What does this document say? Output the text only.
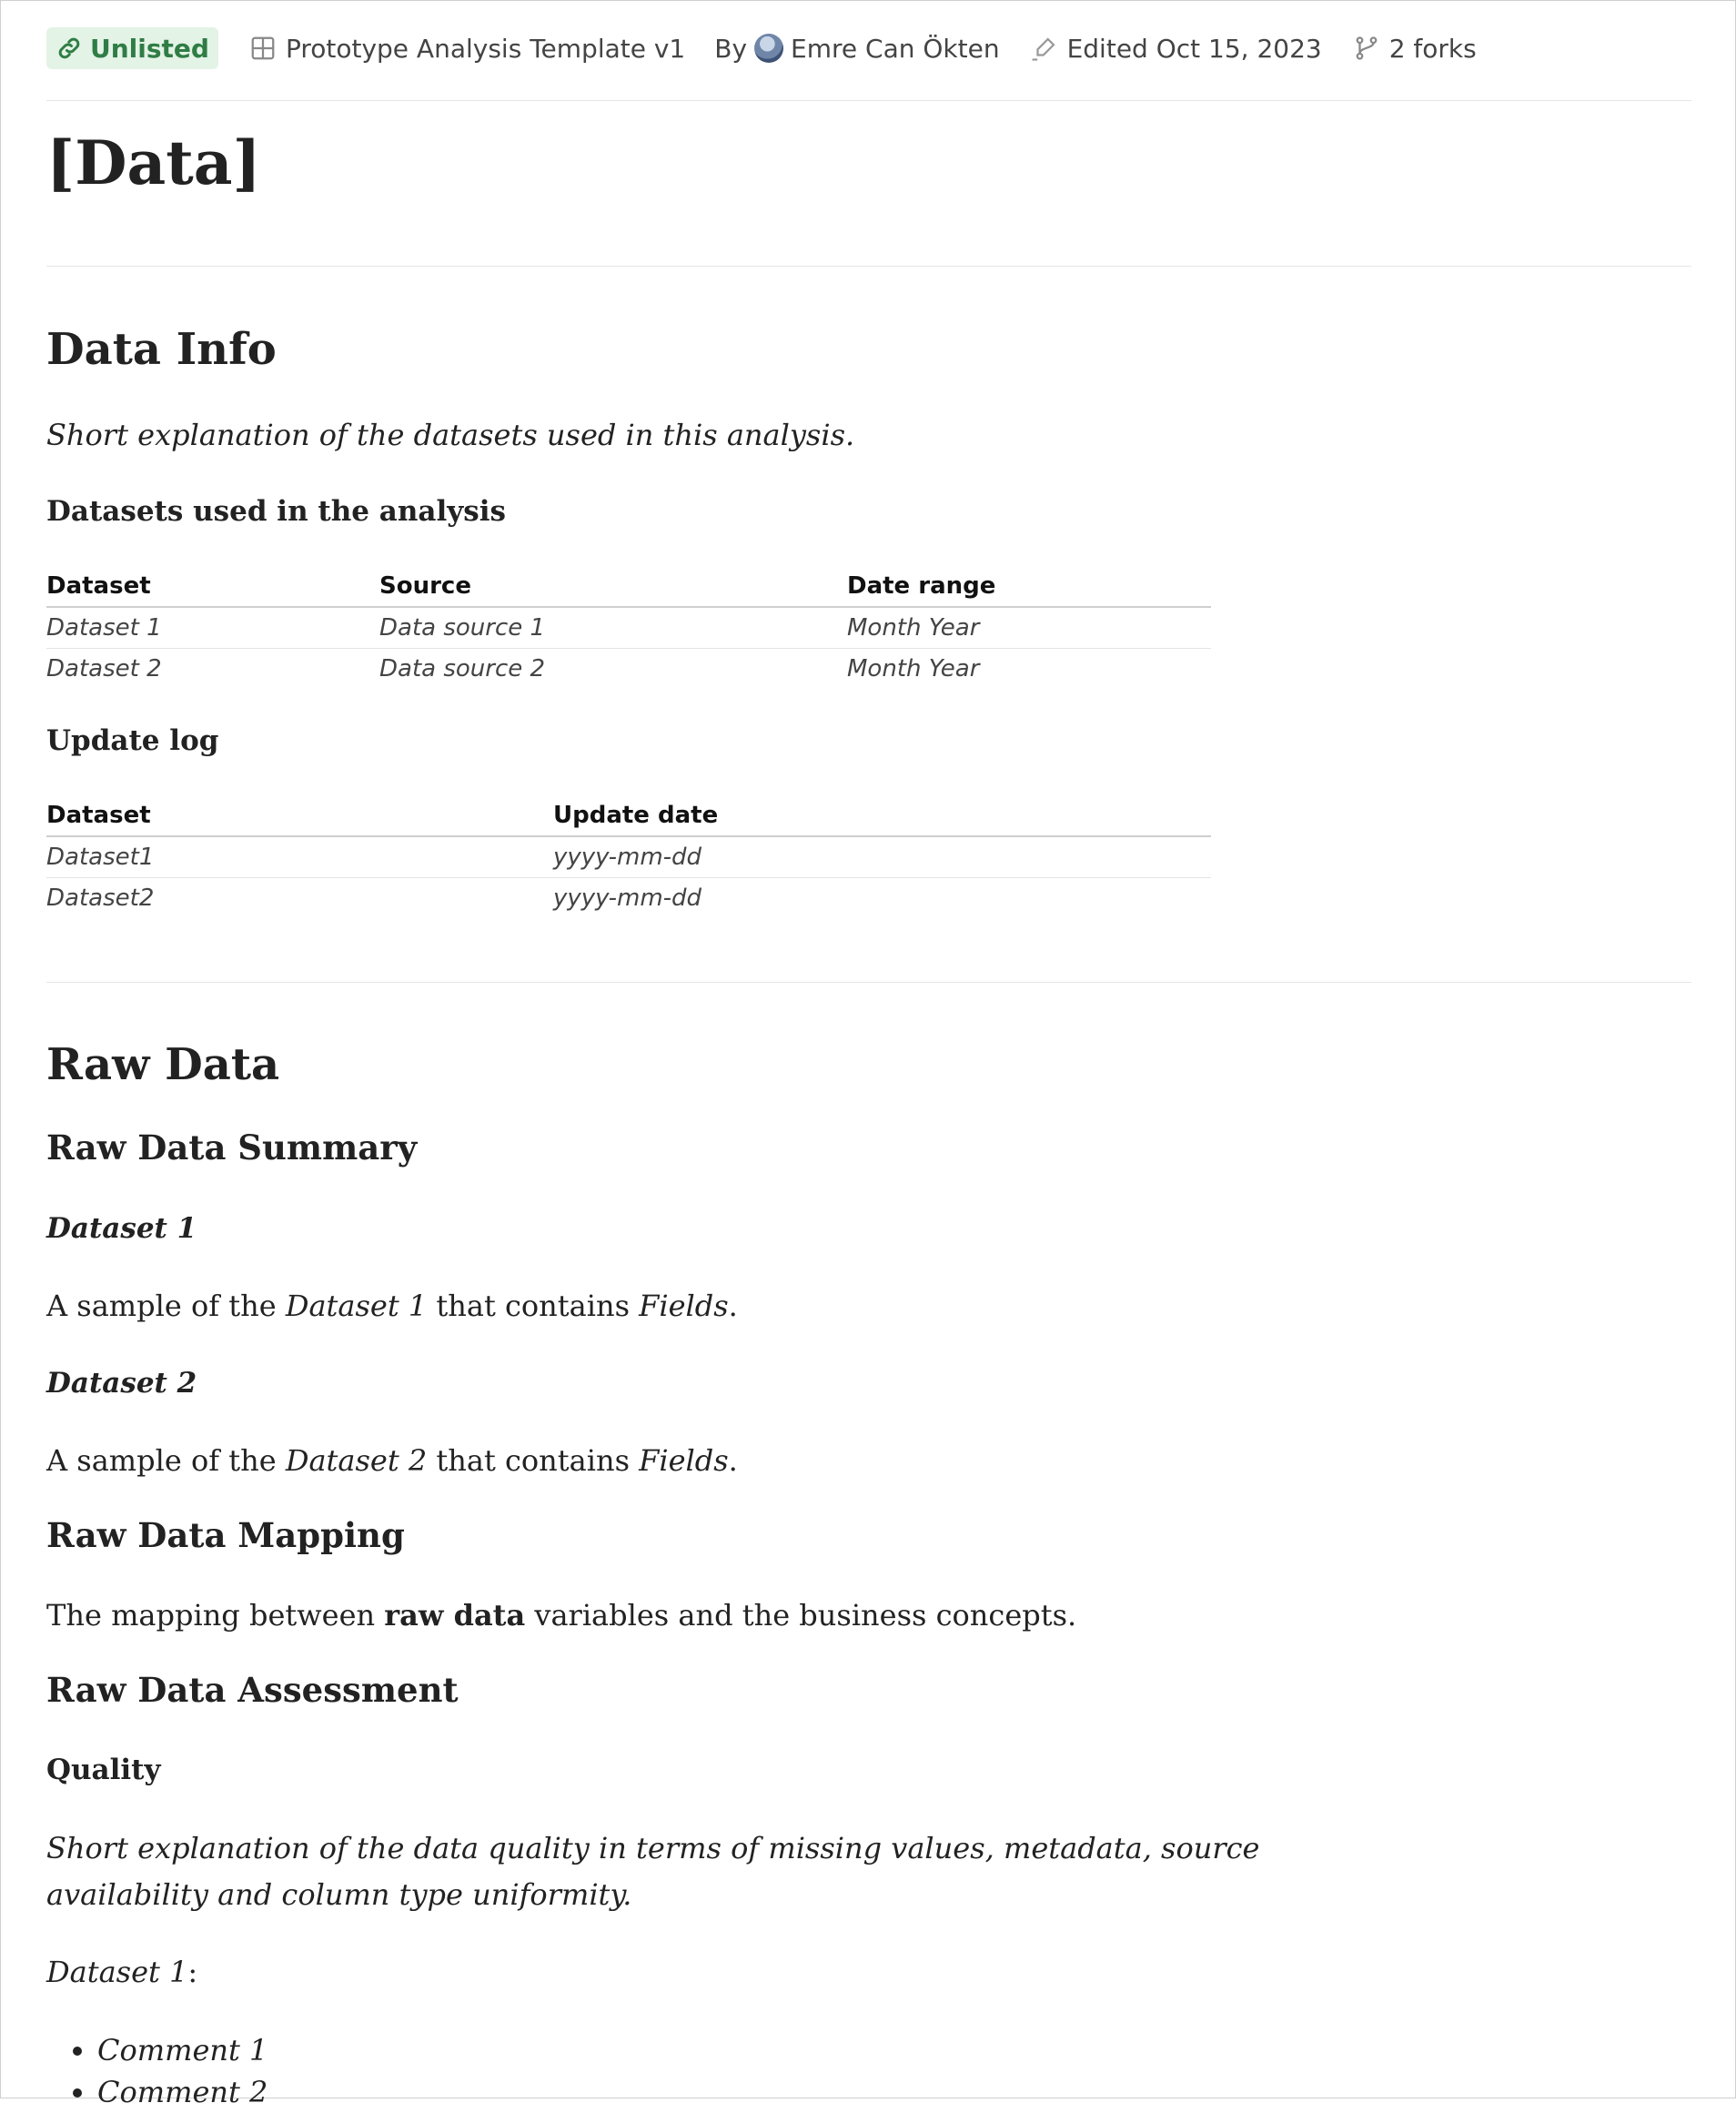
Unlisted	Prototype Analysis Template v1 By Emre Can Ökten	Edited Oct 15, 2023	2 forks
[Data]
Data Info

Short explanation of the datasets used in this analysis.

Datasets used in the analysis
Dataset	Source	Date range
Dataset 1	Data source 1	Month Year
Dataset 2	Data source 2	Month Year
Update log
Dataset	Update date
Dataset1	yyyy-mm-dd
Dataset2	yyyy-mm-dd
Raw Data
Raw Data Summary
Dataset 1

A sample of the Dataset 1 that contains Fields.

Dataset 2

A sample of the Dataset 2 that contains Fields.

Raw Data Mapping

The mapping between raw data variables and the business concepts.

Raw Data Assessment
Quality

Short explanation of the data quality in terms of missing values, metadata, source

availability and column type uniformity.

Dataset 1:

• Comment 1
• Comment 2
